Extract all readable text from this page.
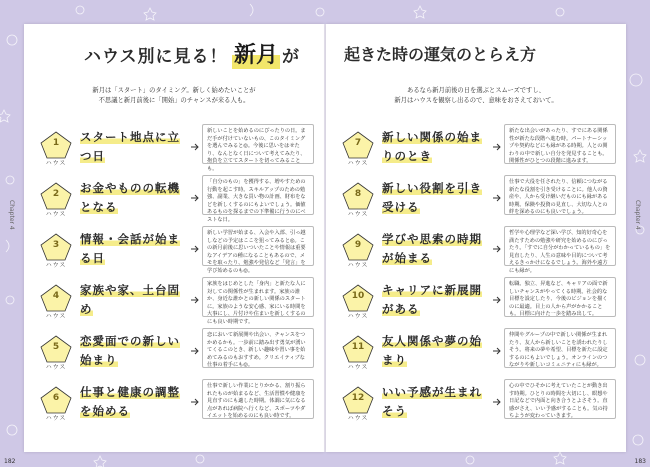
ハウス別に見る！ 新月 が	起きた時の運気のとらえ方
新月は「スタート」のタイミング。新しく始めたいことが
不思議と新月前後に「開始」のチャンスが来る人も。
あるなら新月前後の日を選ぶとスムーズですし、
新月はハウスを観察し出るので、意味をおさえておいて。
1
ハウス
スタート地点に立つ日
新しいことを始めるのにぴったりの日。まだ手が付けていないもの、このタイミングを選んでみると◎。今後に思いをはせたり、なんとなく日について考えてみたり、抱負を立ててスタートを切ってみることも。
2
ハウス
お金やものの転機となる
「自分のもの」を獲得する、増やすための行動を起こす時。スキルアップのための勉強、副業、大きな買い物の計画、財布をなどを新しくするのにもよいでしょう。価値あるものを探るまでの下準備に行うのにベストな日。
3
ハウス
情報・会話が始まる日
新しい学習が始まる、入会や入部、引っ越しなどの予定はここを狙ってみると◎。この新月前後に思いついたことや情報は重要なアイデアの種になることもあるので、メモを取ったり、勉強や発信など「発言」を学び始めるのも◎。
4
ハウス
家族や家、土台固め
家族をはじめとした「身内」と新たな人に対しての関係性が生まれます。家族の誰か、身近な誰かとの新しい関係のスタートに。家族のような安心感、家にいる時間を大事にし、片付けや住まいを新しくするのにも良い時期です。
5
ハウス
恋愛面での新しい始まり
恋において新展開や出会い、チャンスをつかめるかも。一歩前に踏み出す勇気が湧いてくるこのとき、新しい趣味や習い事を始めてみるのもおすすめ。クリエイティブな仕事の着手にも◎。
6
ハウス
仕事と健康の調整を始める
仕事で新しい作業にとりかかる、割り振られたものが始まるなど、生活習慣や健康を見直すのにも適した時期。体調に気になる点があれば病院へ行くなど、スポーツやダイエットを始めるのにも良い時です。
7
ハウス
新しい関係の始まりのとき
新たな出会いがあったり、すでにある関係性が新たな段階へ進む時。パートナーシップや契約などにも縁がある時期。人との関わりの中で新しい自分を発見することも。関係性がひとつの段階に進みます。
8
ハウス
新しい役割を引き受ける
仕事で大役を任されたり、信頼につながる新たな役割を引き受けることに。他人の資産や、人から受け継いだものにも縁がある時期。保険や投資の見直し、大切な人との絆を深めるのにも良いでしょう。
9
ハウス
学びや思索の時期が始まる
哲学や心理学など深い学び、知的好奇心を満たすための勉強や研究を始めるのにぴったり。「すでに自分がわかっているもの」を見直したり、人生の意味や目的について考えるきっかけになるでしょう。海外や遠方にも縁が。
10
ハウス
キャリアに新展開がある
転職、独立、昇進など、キャリアの面で新しいチャンスがやってくる時期。社会的な目標を設定したり、今後のビジョンを描くのに最適。目上の人から声がかかることも。目標に向けた一歩を踏み出して。
11
ハウス
友人関係や夢の始まり
仲間やグループの中で新しい関係が生まれたり、友人から新しいことを誘われたりしそう。将来の夢や希望、目標を新たに設定するのにもよいでしょう。オンラインのつながりや新しいコミュニティにも縁が。
12
ハウス
いい予感が生まれそう
心の中でひそかに考えていたことが動き出す時期。ひとりの時間を大切にし、瞑想や日記などで内面と向き合うとよさそう。直感がさえ、いい予感がすることも。気の持ちようが変わっていきます。
Chapter 4	Chapter 4
182	183
